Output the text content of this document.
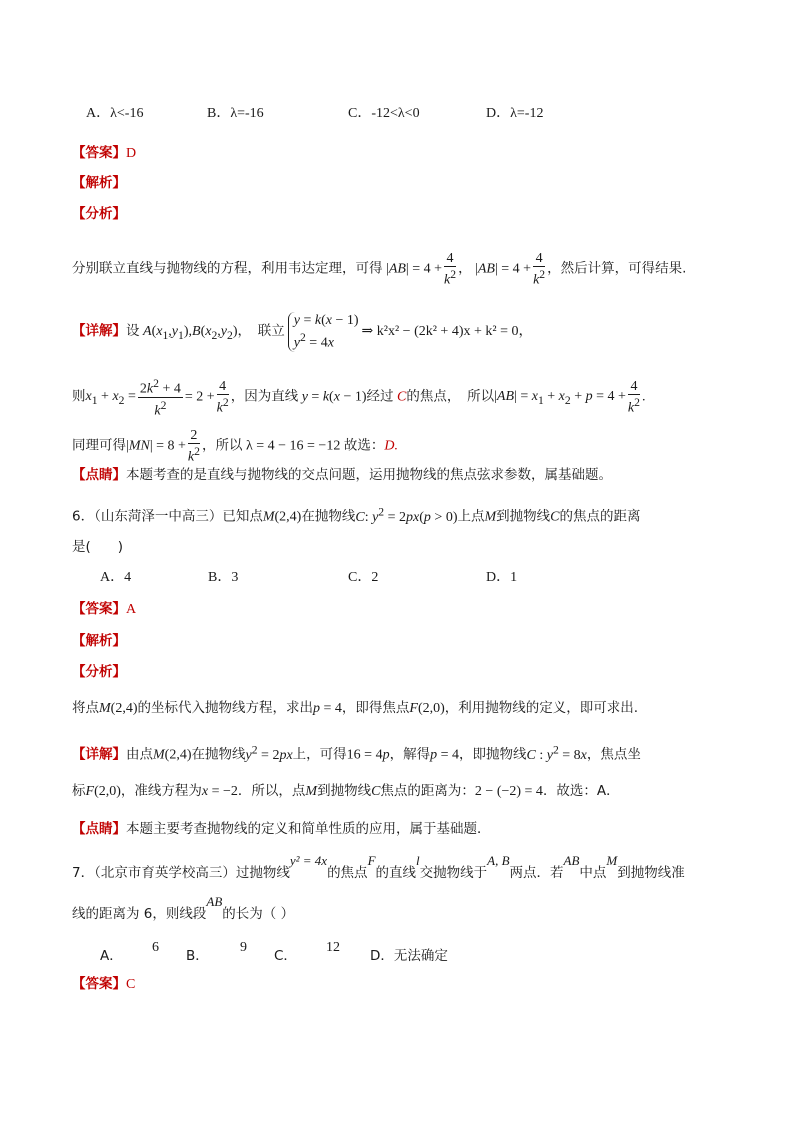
A．λ<-16	B．λ=-16	C．-12<λ<0	D．λ=-12
【答案】D
【解析】
【分析】
分别联立直线与抛物线的方程，利用韦达定理，可得 $|AB| = 4 + \frac{4}{k^2}$ ， $|AB| = 4 + \frac{4}{k^2}$ ，然后计算，可得结果.
【详解】设 $A(x_1,y_1),B(x_2,y_2)$，　联立
y = k(x − 1)
$y^2 = 4x$
⇒ k²x² − (2k² + 4)x + k² = 0，
则$x_1 + x_2 = \frac{2k^2 + 4}{k^2} = 2 + \frac{4}{k^2}$ ，因为直线 y = k(x − 1)经过 C的焦点，　所以$|AB| = x_1 + x_2 + p = 4 + \frac{4}{k^2}$ .
同理可得$|MN| = 8 + \frac{2}{k^2}$ ，所以 λ = 4 − 16 = −12 故选：D.
【点睛】本题考查的是直线与抛物线的交点问题，运用抛物线的焦点弦求参数，属基础题。
6．（山东菏泽一中高三）已知点M(2,4)在抛物线C: $y^2 = 2px(p > 0)$上点M到抛物线C的焦点的距离
是(　　)
A．4	B．3	C．2	D．1
【答案】A
【解析】
【分析】
将点M(2,4)的坐标代入抛物线方程，求出p = 4，即得焦点F(2,0)，利用抛物线的定义，即可求出.
【详解】由点M(2,4)在抛物线$y^2 = 2px$上，可得16 = 4p，解得p = 4，即抛物线C : $y^2 = 8x$，焦点坐
标F(2,0)，准线方程为x = −2．所以，点M到抛物线C焦点的距离为：2 − (−2) = 4．故选：A．
【点睛】本题主要考查抛物线的定义和简单性质的应用，属于基础题．
7．（北京市育英学校高三）过抛物线y² = 4x的焦点F的直线l交抛物线于A, B两点．若AB中点M到抛物线准
线的距离为 6，则线段AB的长为（ ）
A．
6
B．
9
C．
12
D．无法确定
【答案】C
